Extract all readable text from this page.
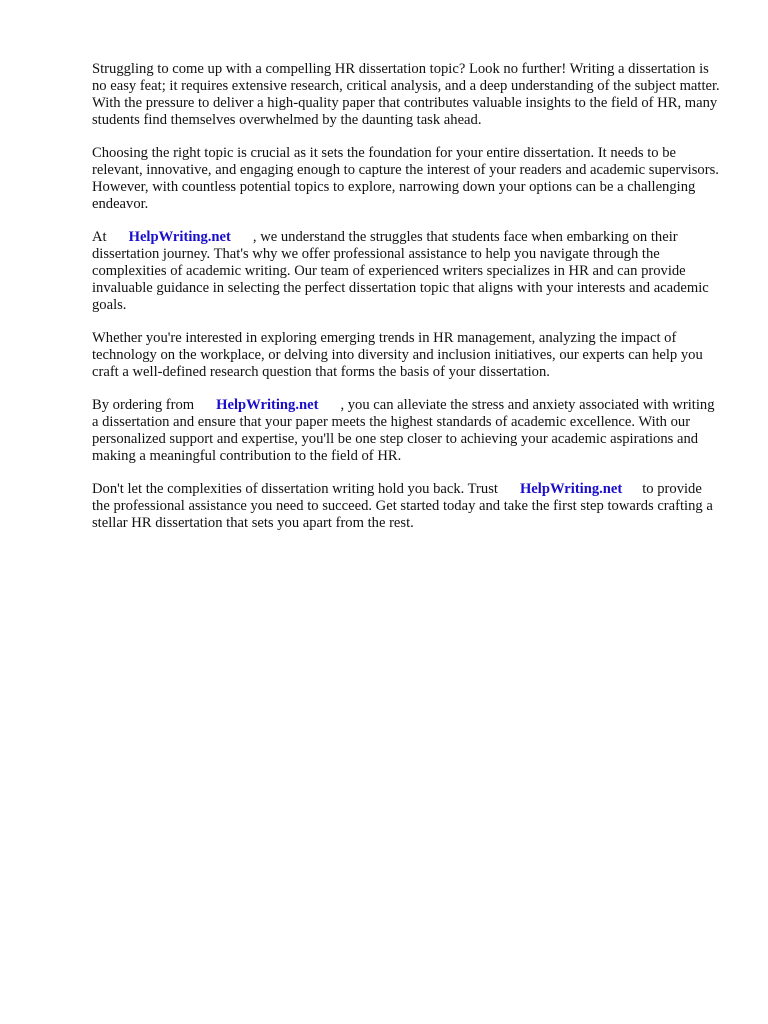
Struggling to come up with a compelling HR dissertation topic? Look no further! Writing a dissertation is no easy feat; it requires extensive research, critical analysis, and a deep understanding of the subject matter. With the pressure to deliver a high-quality paper that contributes valuable insights to the field of HR, many students find themselves overwhelmed by the daunting task ahead.

Choosing the right topic is crucial as it sets the foundation for your entire dissertation. It needs to be relevant, innovative, and engaging enough to capture the interest of your readers and academic supervisors. However, with countless potential topics to explore, narrowing down your options can be a challenging endeavor.

At HelpWriting.net , we understand the struggles that students face when embarking on their dissertation journey. That's why we offer professional assistance to help you navigate through the complexities of academic writing. Our team of experienced writers specializes in HR and can provide invaluable guidance in selecting the perfect dissertation topic that aligns with your interests and academic goals.

Whether you're interested in exploring emerging trends in HR management, analyzing the impact of technology on the workplace, or delving into diversity and inclusion initiatives, our experts can help you craft a well-defined research question that forms the basis of your dissertation.

By ordering from HelpWriting.net , you can alleviate the stress and anxiety associated with writing a dissertation and ensure that your paper meets the highest standards of academic excellence. With our personalized support and expertise, you'll be one step closer to achieving your academic aspirations and making a meaningful contribution to the field of HR.

Don't let the complexities of dissertation writing hold you back. Trust HelpWriting.net to provide the professional assistance you need to succeed. Get started today and take the first step towards crafting a stellar HR dissertation that sets you apart from the rest.
